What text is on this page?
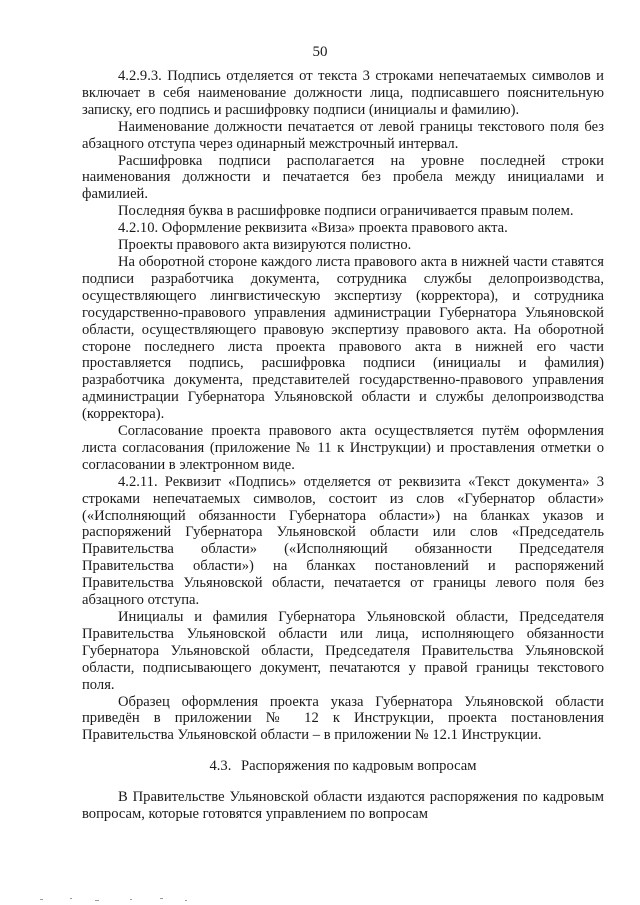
50

4.2.9.3. Подпись отделяется от текста 3 строками непечатаемых символов и включает в себя наименование должности лица, подписавшего пояснительную записку, его подпись и расшифровку подписи (инициалы и фамилию).

Наименование должности печатается от левой границы текстового поля без абзацного отступа через одинарный межстрочный интервал.

Расшифровка подписи располагается на уровне последней строки наименования должности и печатается без пробела между инициалами и фамилией.

Последняя буква в расшифровке подписи ограничивается правым полем.

4.2.10. Оформление реквизита «Виза» проекта правового акта.

Проекты правового акта визируются полистно.

На оборотной стороне каждого листа правового акта в нижней части ставятся подписи разработчика документа, сотрудника службы делопроизводства, осуществляющего лингвистическую экспертизу (корректора), и сотрудника государственно-правового управления администрации Губернатора Ульяновской области, осуществляющего правовую экспертизу правового акта. На оборотной стороне последнего листа проекта правового акта в нижней его части проставляется подпись, расшифровка подписи (инициалы и фамилия) разработчика документа, представителей государственно-правового управления администрации Губернатора Ульяновской области и службы делопроизводства (корректора).

Согласование проекта правового акта осуществляется путём оформления листа согласования (приложение № 11 к Инструкции) и проставления отметки о согласовании в электронном виде.

4.2.11. Реквизит «Подпись» отделяется от реквизита «Текст документа» 3 строками непечатаемых символов, состоит из слов «Губернатор области» («Исполняющий обязанности Губернатора области») на бланках указов и распоряжений Губернатора Ульяновской области или слов «Председатель Правительства области» («Исполняющий обязанности Председателя Правительства области») на бланках постановлений и распоряжений Правительства Ульяновской области, печатается от границы левого поля без абзацного отступа.

Инициалы и фамилия Губернатора Ульяновской области, Председателя Правительства Ульяновской области или лица, исполняющего обязанности Губернатора Ульяновской области, Председателя Правительства Ульяновской области, подписывающего документ, печатаются у правой границы текстового поля.

Образец оформления проекта указа Губернатора Ульяновской области приведён в приложении № 12 к Инструкции, проекта постановления Правительства Ульяновской области – в приложении № 12.1 Инструкции.

4.3. Распоряжения по кадровым вопросам

В Правительстве Ульяновской области издаются распоряжения по кадровым вопросам, которые готовятся управлением по вопросам
